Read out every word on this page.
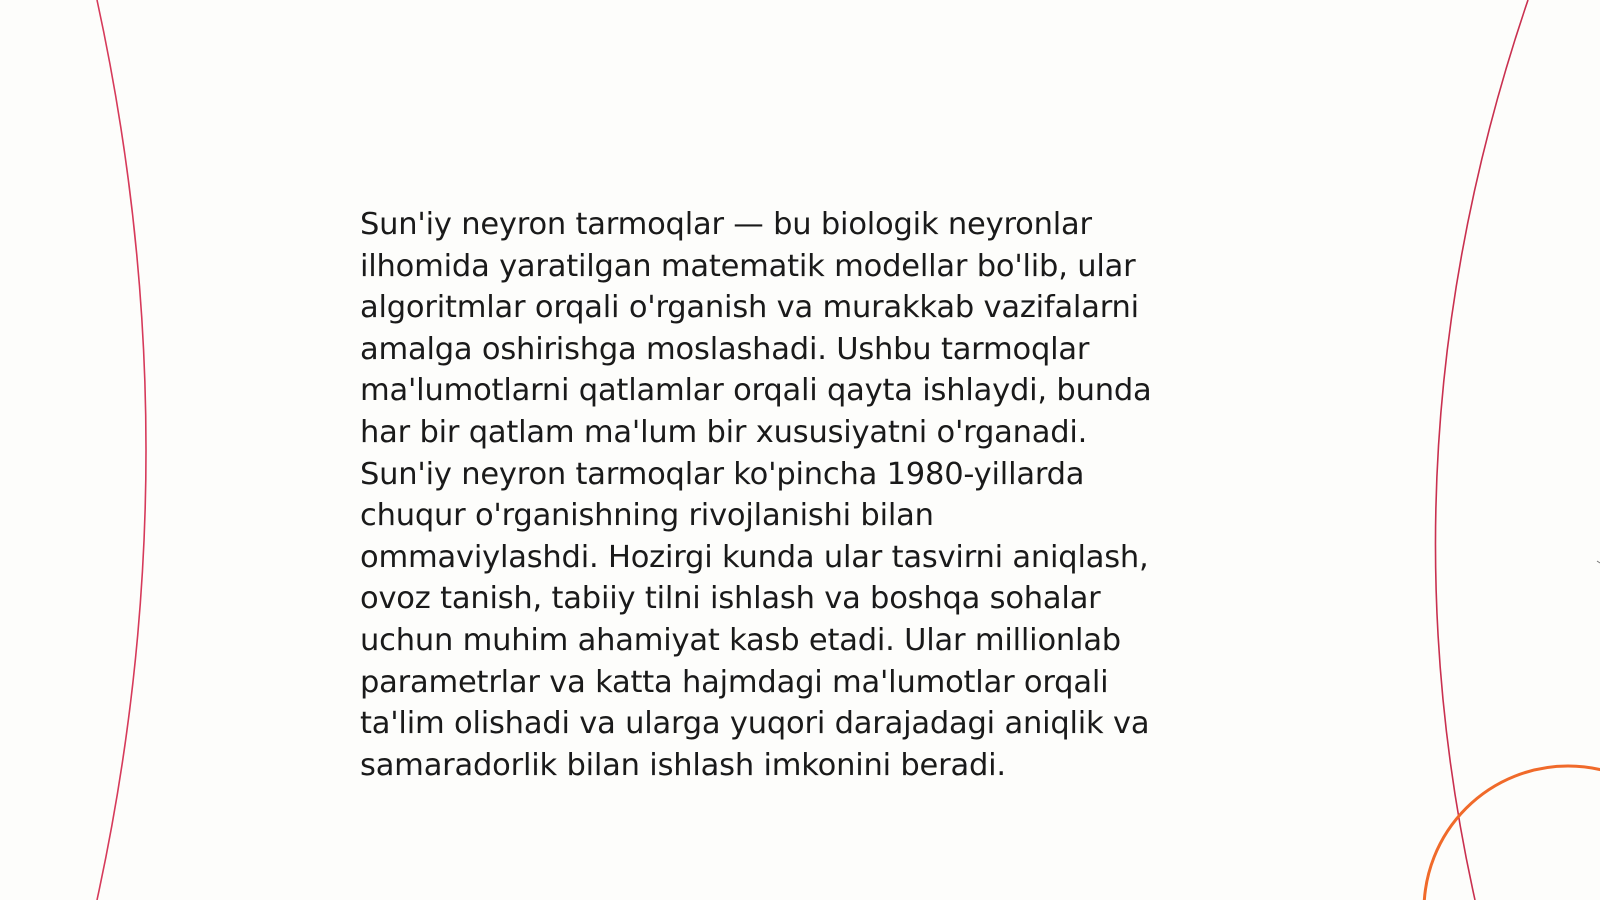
Sun'iy neyron tarmoqlar — bu biologik neyronlar
ilhomida yaratilgan matematik modellar bo'lib, ular
algoritmlar orqali o'rganish va murakkab vazifalarni
amalga oshirishga moslashadi. Ushbu tarmoqlar
ma'lumotlarni qatlamlar orqali qayta ishlaydi, bunda
har bir qatlam ma'lum bir xususiyatni o'rganadi.
Sun'iy neyron tarmoqlar ko'pincha 1980-yillarda
chuqur o'rganishning rivojlanishi bilan
ommaviylashdi. Hozirgi kunda ular tasvirni aniqlash,
ovoz tanish, tabiiy tilni ishlash va boshqa sohalar
uchun muhim ahamiyat kasb etadi. Ular millionlab
parametrlar va katta hajmdagi ma'lumotlar orqali
ta'lim olishadi va ularga yuqori darajadagi aniqlik va
samaradorlik bilan ishlash imkonini beradi.
